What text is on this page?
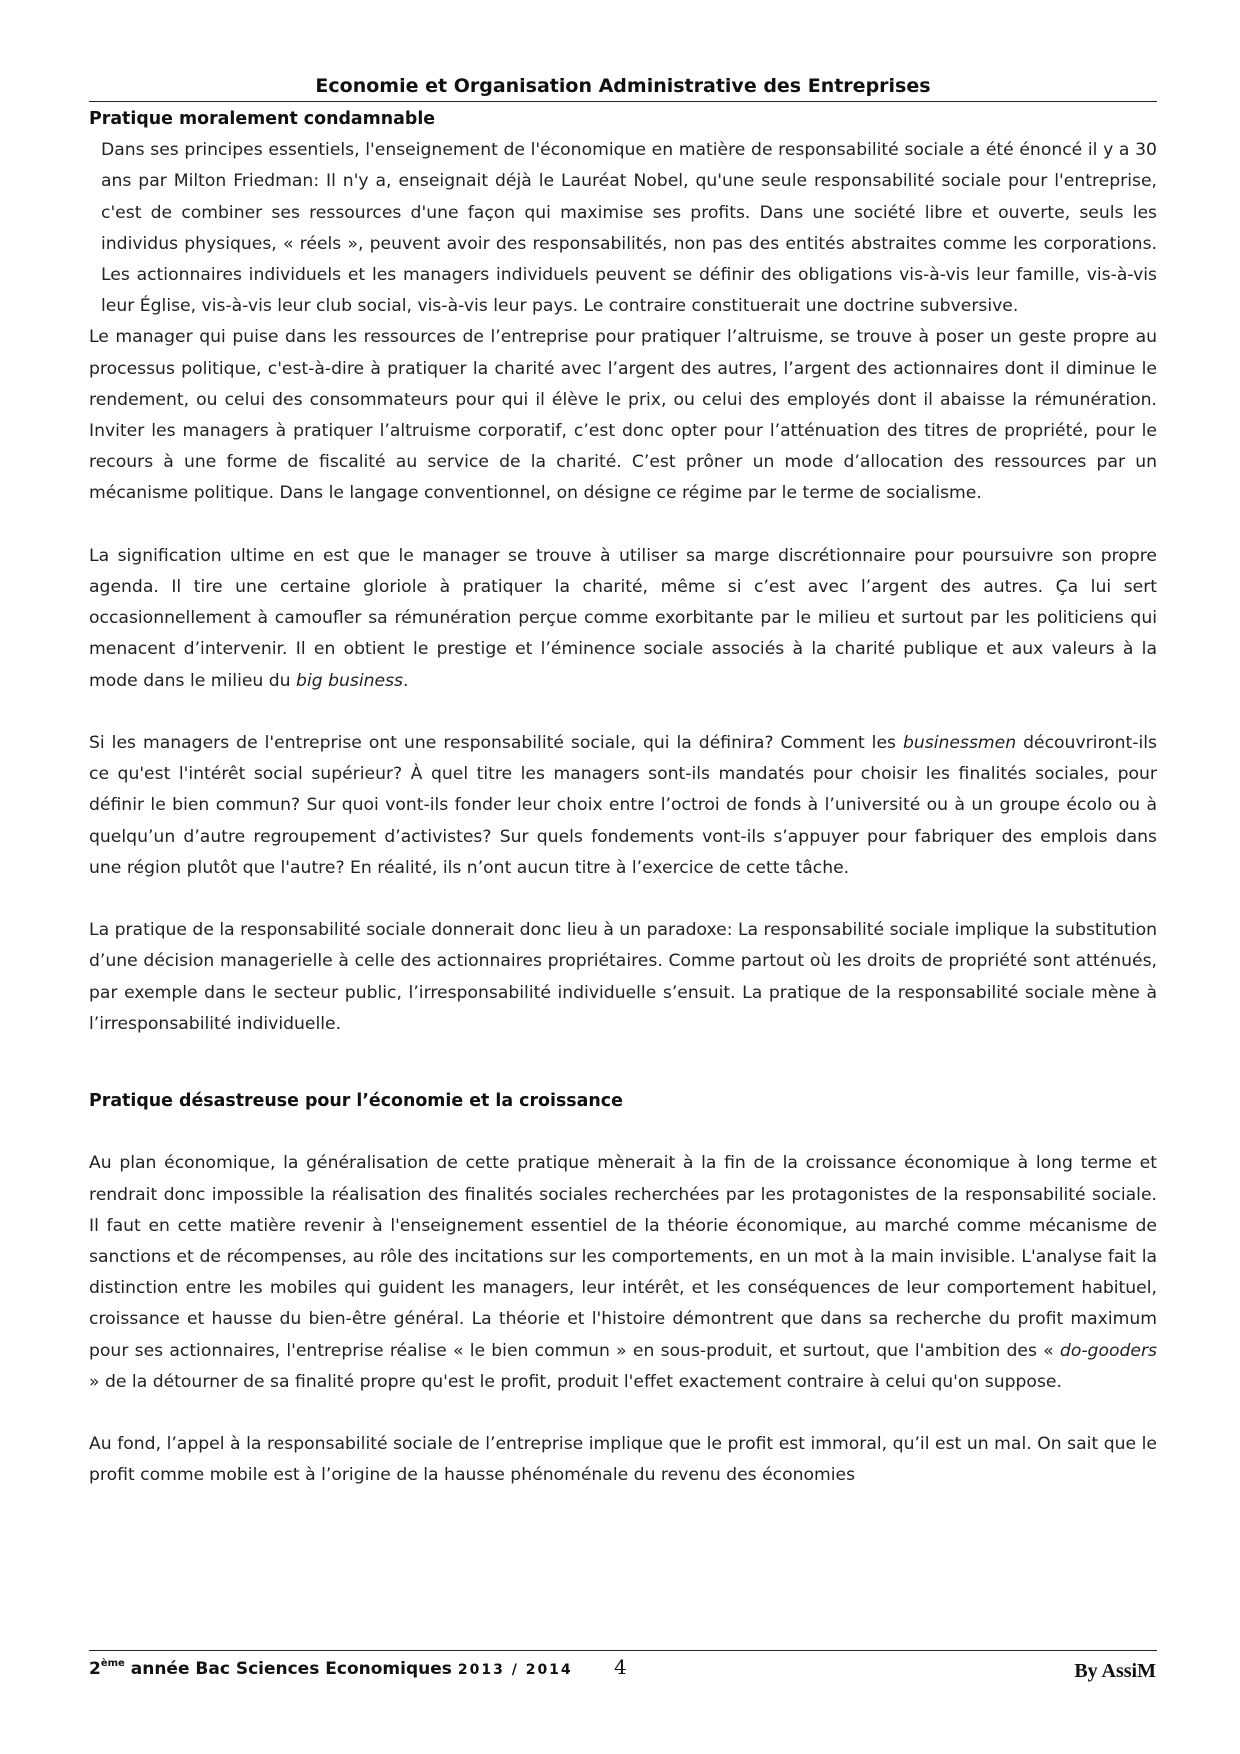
Economie et Organisation Administrative des Entreprises
Pratique moralement condamnable

Dans ses principes essentiels, l'enseignement de l'économique en matière de responsabilité sociale a été énoncé il y a 30 ans par Milton Friedman: Il n'y a, enseignait déjà le Lauréat Nobel, qu'une seule responsabilité sociale pour l'entreprise, c'est de combiner ses ressources d'une façon qui maximise ses profits. Dans une société libre et ouverte, seuls les individus physiques, « réels », peuvent avoir des responsabilités, non pas des entités abstraites comme les corporations. Les actionnaires individuels et les managers individuels peuvent se définir des obligations vis-à-vis leur famille, vis-à-vis leur Église, vis-à-vis leur club social, vis-à-vis leur pays. Le contraire constituerait une doctrine subversive.

Le manager qui puise dans les ressources de l’entreprise pour pratiquer l’altruisme, se trouve à poser un geste propre au processus politique, c'est-à-dire à pratiquer la charité avec l’argent des autres, l’argent des actionnaires dont il diminue le rendement, ou celui des consommateurs pour qui il élève le prix, ou celui des employés dont il abaisse la rémunération. Inviter les managers à pratiquer l’altruisme corporatif, c’est donc opter pour l’atténuation des titres de propriété, pour le recours à une forme de fiscalité au service de la charité. C’est prôner un mode d’allocation des ressources par un mécanisme politique. Dans le langage conventionnel, on désigne ce régime par le terme de socialisme.

La signification ultime en est que le manager se trouve à utiliser sa marge discrétionnaire pour poursuivre son propre agenda. Il tire une certaine gloriole à pratiquer la charité, même si c’est avec l’argent des autres. Ça lui sert occasionnellement à camoufler sa rémunération perçue comme exorbitante par le milieu et surtout par les politiciens qui menacent d’intervenir. Il en obtient le prestige et l’éminence sociale associés à la charité publique et aux valeurs à la mode dans le milieu du big business.

Si les managers de l'entreprise ont une responsabilité sociale, qui la définira? Comment les businessmen découvriront-ils ce qu'est l'intérêt social supérieur? À quel titre les managers sont-ils mandatés pour choisir les finalités sociales, pour définir le bien commun? Sur quoi vont-ils fonder leur choix entre l’octroi de fonds à l’université ou à un groupe écolo ou à quelqu’un d’autre regroupement d’activistes? Sur quels fondements vont-ils s’appuyer pour fabriquer des emplois dans une région plutôt que l'autre? En réalité, ils n’ont aucun titre à l’exercice de cette tâche.

La pratique de la responsabilité sociale donnerait donc lieu à un paradoxe: La responsabilité sociale implique la substitution d’une décision managerielle à celle des actionnaires propriétaires. Comme partout où les droits de propriété sont atténués, par exemple dans le secteur public, l’irresponsabilité individuelle s’ensuit. La pratique de la responsabilité sociale mène à l’irresponsabilité individuelle.

Pratique désastreuse pour l’économie et la croissance

Au plan économique, la généralisation de cette pratique mènerait à la fin de la croissance économique à long terme et rendrait donc impossible la réalisation des finalités sociales recherchées par les protagonistes de la responsabilité sociale. Il faut en cette matière revenir à l'enseignement essentiel de la théorie économique, au marché comme mécanisme de sanctions et de récompenses, au rôle des incitations sur les comportements, en un mot à la main invisible. L'analyse fait la distinction entre les mobiles qui guident les managers, leur intérêt, et les conséquences de leur comportement habituel, croissance et hausse du bien-être général. La théorie et l'histoire démontrent que dans sa recherche du profit maximum pour ses actionnaires, l'entreprise réalise « le bien commun » en sous-produit, et surtout, que l'ambition des « do-gooders » de la détourner de sa finalité propre qu'est le profit, produit l'effet exactement contraire à celui qu'on suppose.

Au fond, l’appel à la responsabilité sociale de l’entreprise implique que le profit est immoral, qu’il est un mal. On sait que le profit comme mobile est à l’origine de la hausse phénoménale du revenu des économies

2ème année Bac Sciences Economiques 2013 / 2014 4	By AssiM
